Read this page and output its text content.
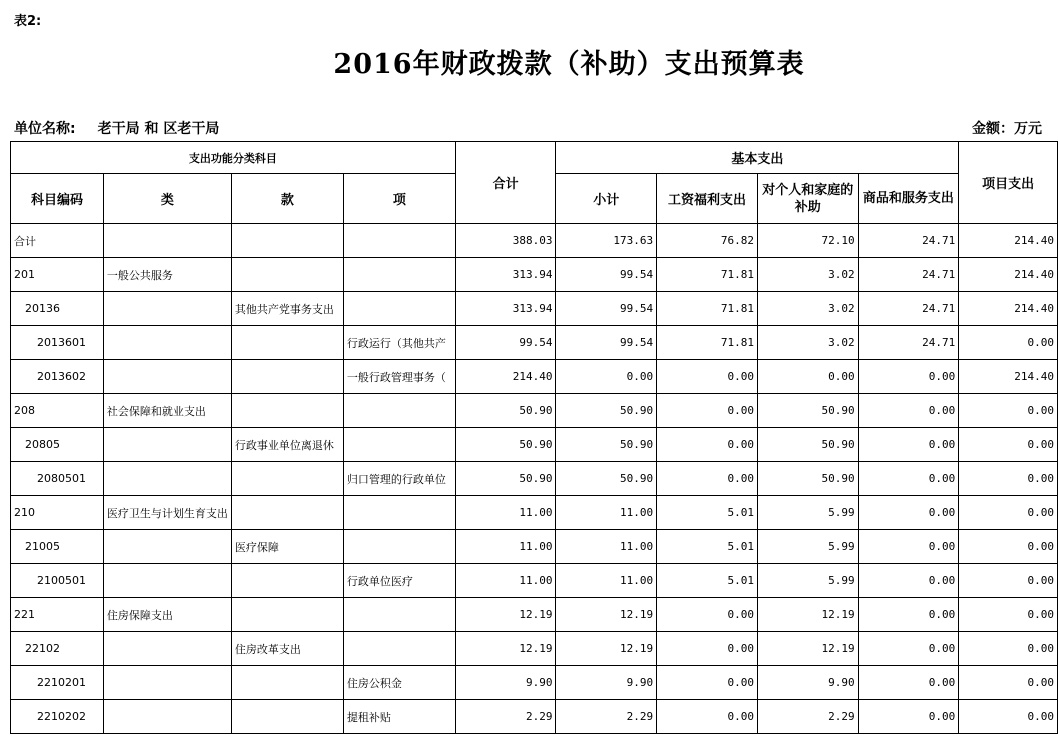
表2:
2016年财政拨款（补助）支出预算表
单位名称: 老干局 和 区老干局	金额：万元
支出功能分类科目				合计	基本支出				项目支出
科目编码	类	款	项		小计	工资福利支出	对个人和家庭的补助	商品和服务支出	
合计				388.03	173.63	76.82	72.10	24.71	214.40
201	一般公共服务			313.94	99.54	71.81	3.02	24.71	214.40
20136		其他共产党事务支出		313.94	99.54	71.81	3.02	24.71	214.40
2013601			行政运行（其他共产	99.54	99.54	71.81	3.02	24.71	0.00
2013602			一般行政管理事务（	214.40	0.00	0.00	0.00	0.00	214.40
208	社会保障和就业支出			50.90	50.90	0.00	50.90	0.00	0.00
20805		行政事业单位离退休		50.90	50.90	0.00	50.90	0.00	0.00
2080501			归口管理的行政单位	50.90	50.90	0.00	50.90	0.00	0.00
210	医疗卫生与计划生育支出			11.00	11.00	5.01	5.99	0.00	0.00
21005		医疗保障		11.00	11.00	5.01	5.99	0.00	0.00
2100501			行政单位医疗	11.00	11.00	5.01	5.99	0.00	0.00
221	住房保障支出			12.19	12.19	0.00	12.19	0.00	0.00
22102		住房改革支出		12.19	12.19	0.00	12.19	0.00	0.00
2210201			住房公积金	9.90	9.90	0.00	9.90	0.00	0.00
2210202			提租补贴	2.29	2.29	0.00	2.29	0.00	0.00
